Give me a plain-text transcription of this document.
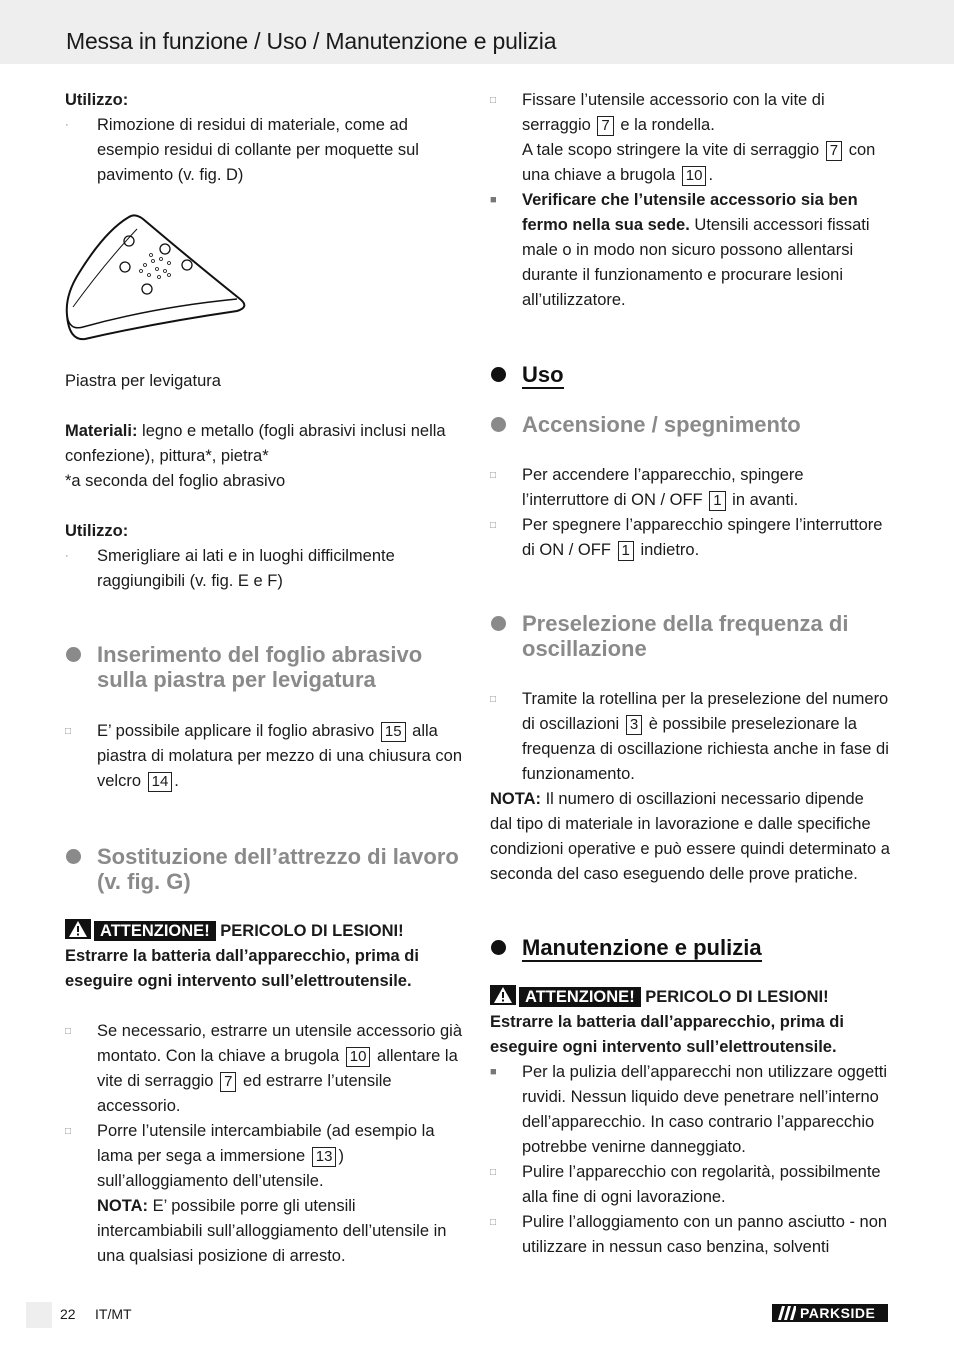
Messa in funzione / Uso / Manutenzione e pulizia

Utilizzo:

·	Rimozione di residui di materiale, come ad esempio residui di collante per moquette sul pavimento (v. fig. D)

Piastra per levigatura

Materiali: legno e metallo (fogli abrasivi inclusi nella confezione), pittura*, pietra*

*a seconda del foglio abrasivo

Utilizzo:

·	Smerigliare ai lati e in luoghi difficilmente raggiungibili (v. fig. E e F)
Inserimento del foglio abrasivo sulla piastra per levigatura
□	E’ possibile applicare il foglio abrasivo 15 alla piastra di molatura per mezzo di una chiusura con velcro 14 .
Sostituzione dell’attrezzo di lavoro (v. fig. G)
ATTENZIONE! PERICOLO DI LESIONI!

Estrarre la batteria dall’apparecchio, prima di eseguire ogni intervento sull’elettroutensile.

□	Se necessario, estrarre un utensile accessorio già montato. Con la chiave a brugola 10 allentare la vite di serraggio 7 ed estrarre l’utensile accessorio.
□	Porre l’utensile intercambiabile (ad esempio la lama per sega a immersione 13 ) sull’alloggiamento dell’utensile.

NOTA: E’ possibile porre gli utensili intercambiabili sull’alloggiamento dell’utensile in una qualsiasi posizione di arresto.

□	Fissare l’utensile accessorio con la vite di serraggio 7 e la rondella.
A tale scopo stringere la vite di serraggio 7 con una chiave a brugola 10 .
■	Verificare che l’utensile accessorio sia ben fermo nella sua sede. Utensili accessori fissati male o in modo non sicuro possono allentarsi durante il funzionamento e procurare lesioni all’utilizzatore.
Uso
Accensione / spegnimento
□	Per accendere l’apparecchio, spingere l’interruttore di ON / OFF 1 in avanti.
□	Per spegnere l’apparecchio spingere l’interruttore di ON / OFF 1 indietro.
Preselezione della frequenza di oscillazione
□	Tramite la rotellina per la preselezione del numero di oscillazioni 3 è possibile preselezionare la frequenza di oscillazione richiesta anche in fase di funzionamento.

NOTA: Il numero di oscillazioni necessario dipende dal tipo di materiale in lavorazione e dalle specifiche condizioni operative e può essere quindi determinato a seconda del caso eseguendo delle prove pratiche.

Manutenzione e pulizia
ATTENZIONE! PERICOLO DI LESIONI!

Estrarre la batteria dall’apparecchio, prima di eseguire ogni intervento sull’elettroutensile.

■	Per la pulizia dell’apparecchi non utilizzare oggetti ruvidi. Nessun liquido deve penetrare nell’interno dell’apparecchio. In caso contrario l’apparecchio potrebbe venirne danneggiato.
□	Pulire l’apparecchio con regolarità, possibilmente alla fine di ogni lavorazione.
□	Pulire l’alloggiamento con un panno asciutto - non utilizzare in nessun caso benzina, solventi
22 IT/MT	PARKSIDE
